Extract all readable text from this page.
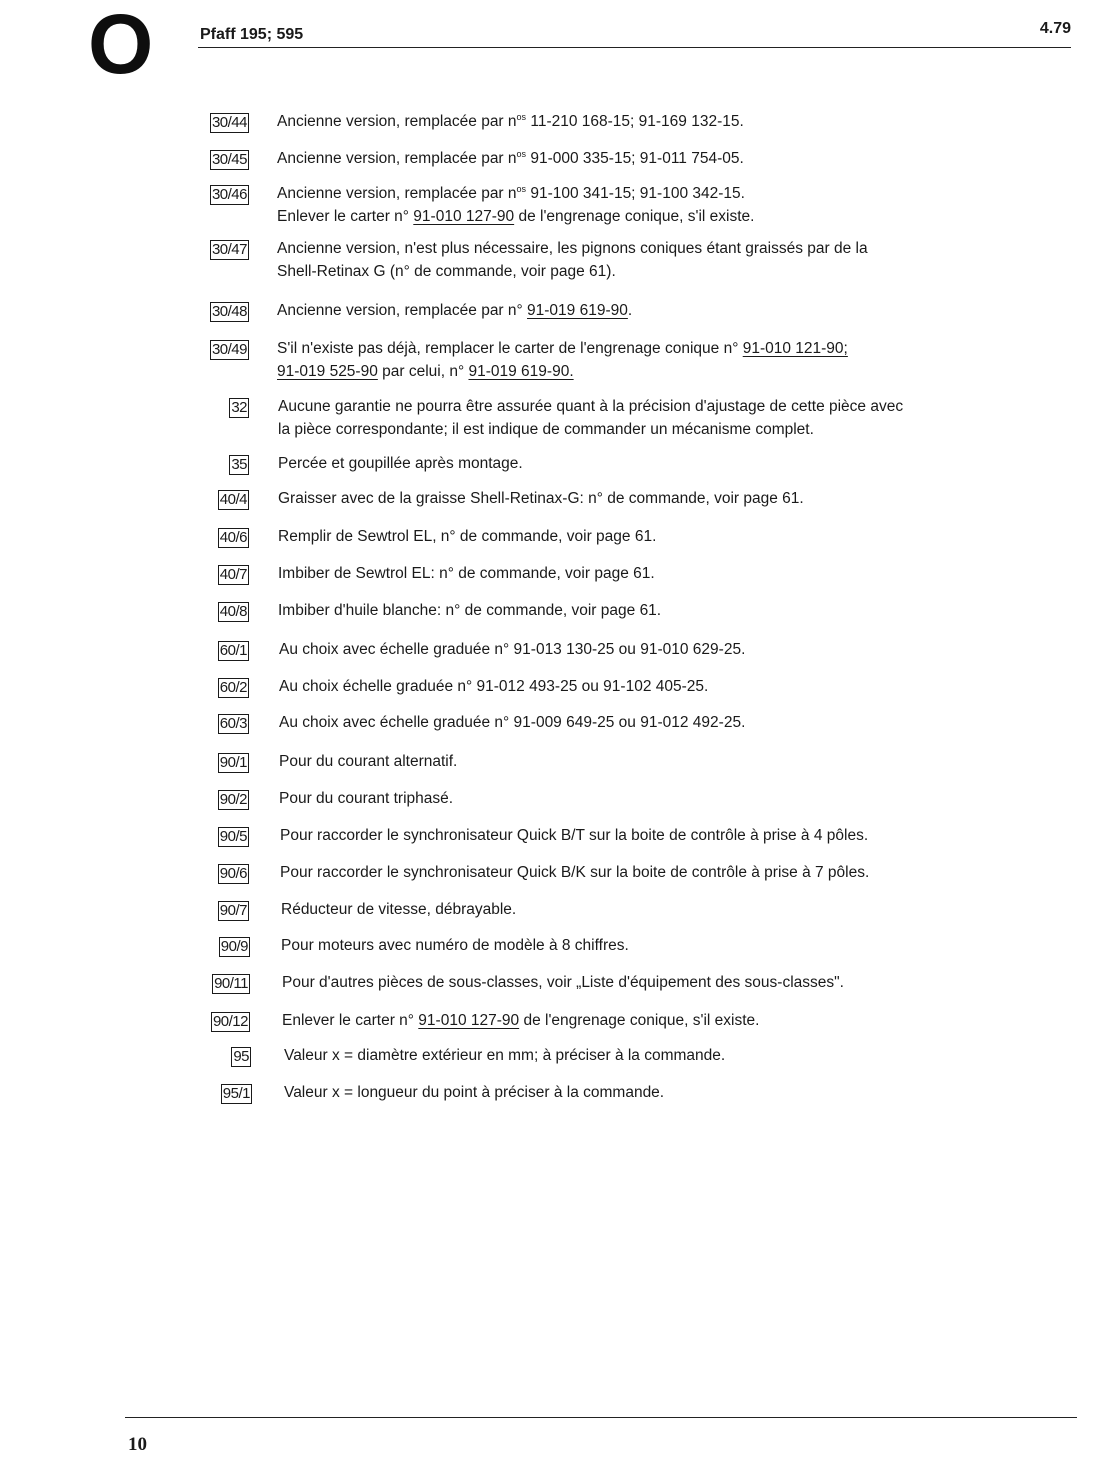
O	Pfaff 195; 595	4.79
30/44 Ancienne version, remplacée par $n^{os}$ 11-210 168-15; 91-169 132-15.
30/45 Ancienne version, remplacée par $n^{os}$ 91-000 335-15; 91-011 754-05.
30/46 Ancienne version, remplacée par $n^{os}$ 91-100 341-15; 91-100 342-15.
Enlever le carter n° 91-010 127-90 de l'engrenage conique, s'il existe.
30/47 Ancienne version, n'est plus nécessaire, les pignons coniques étant graissés par de la
Shell-Retinax G (n° de commande, voir page 61).
30/48 Ancienne version, remplacée par n° 91-019 619-90.
30/49 S'il n'existe pas déjà, remplacer le carter de l'engrenage conique n° 91-010 121-90;
91-019 525-90 par celui, n° 91-019 619-90.
32 Aucune garantie ne pourra être assurée quant à la précision d'ajustage de cette pièce avec
la pièce correspondante; il est indique de commander un mécanisme complet.
35 Percée et goupillée après montage.
40/4 Graisser avec de la graisse Shell-Retinax-G: n° de commande, voir page 61.
40/6 Remplir de Sewtrol EL, n° de commande, voir page 61.
40/7 Imbiber de Sewtrol EL: n° de commande, voir page 61.
40/8 Imbiber d'huile blanche: n° de commande, voir page 61.
60/1 Au choix avec échelle graduée n° 91-013 130-25 ou 91-010 629-25.
60/2 Au choix échelle graduée n° 91-012 493-25 ou 91-102 405-25.
60/3 Au choix avec échelle graduée n° 91-009 649-25 ou 91-012 492-25.
90/1 Pour du courant alternatif.
90/2 Pour du courant triphasé.
90/5 Pour raccorder le synchronisateur Quick B/T sur la boite de contrôle à prise à 4 pôles.
90/6 Pour raccorder le synchronisateur Quick B/K sur la boite de contrôle à prise à 7 pôles.
90/7 Réducteur de vitesse, débrayable.
90/9 Pour moteurs avec numéro de modèle à 8 chiffres.
90/11 Pour d'autres pièces de sous-classes, voir „Liste d'équipement des sous-classes".
90/12 Enlever le carter n° 91-010 127-90 de l'engrenage conique, s'il existe.
95 Valeur x = diamètre extérieur en mm; à préciser à la commande.
95/1 Valeur x = longueur du point à préciser à la commande.
10
